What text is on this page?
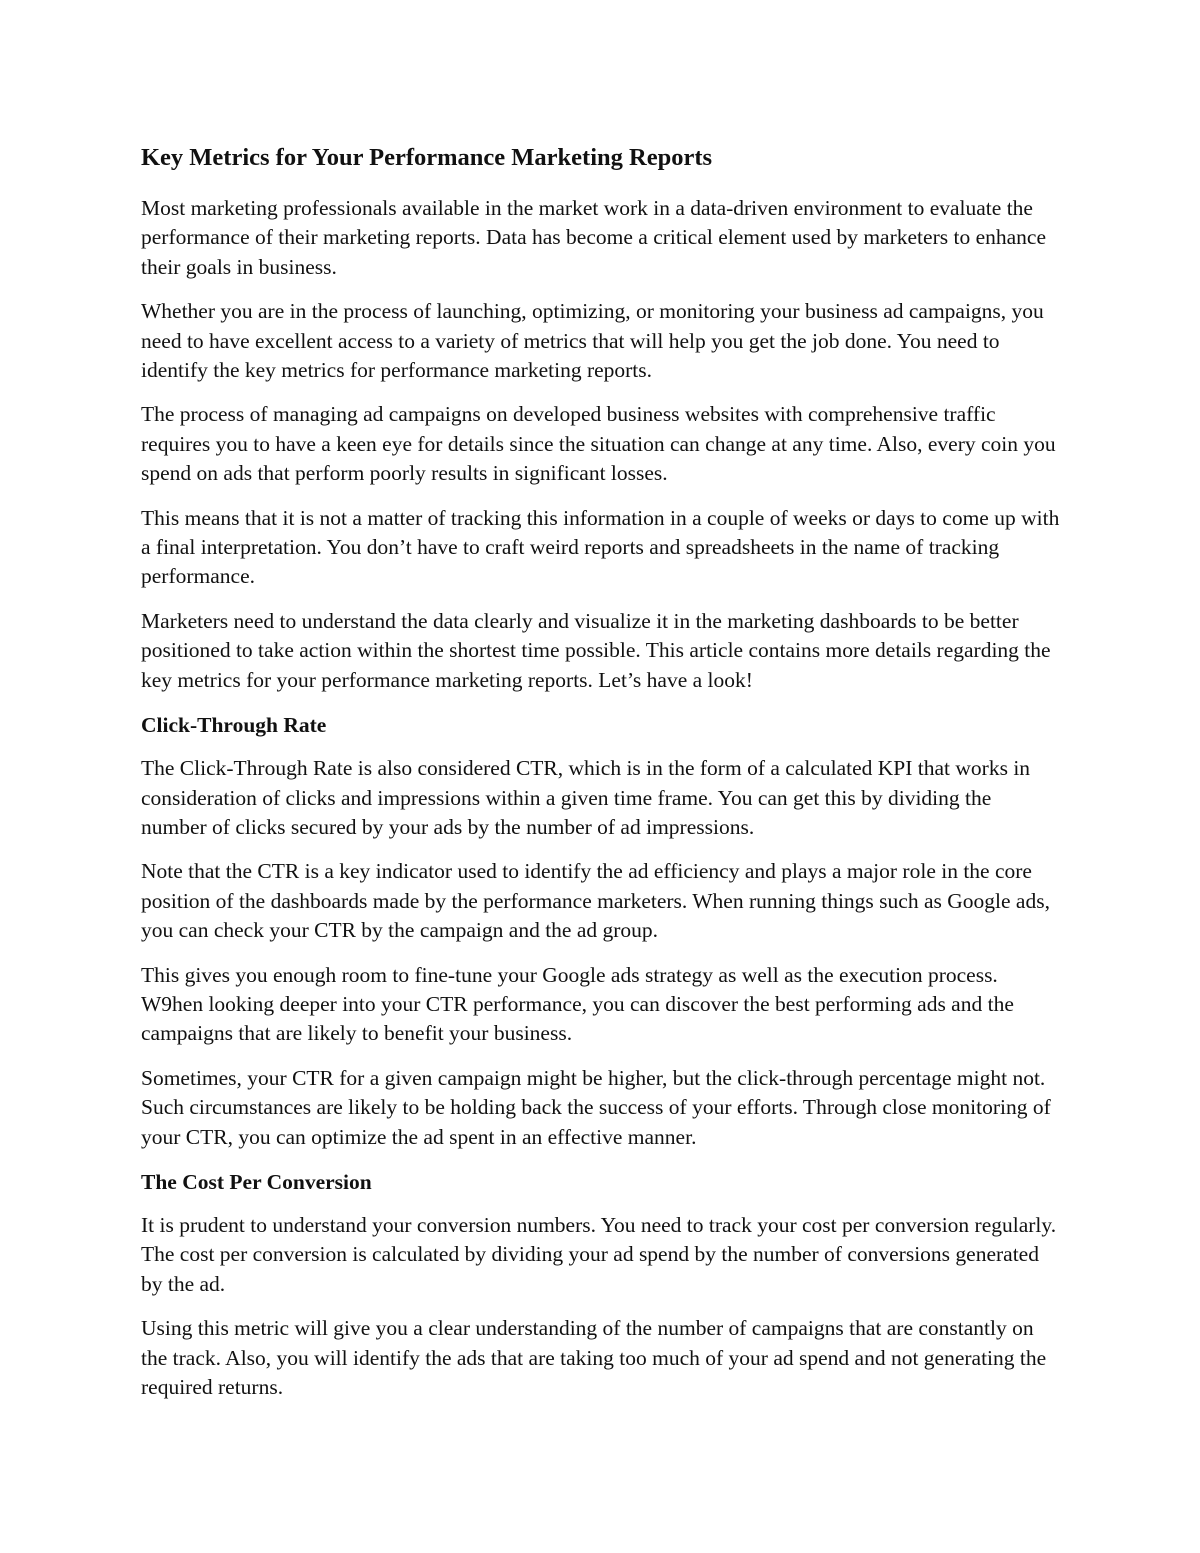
Key Metrics for Your Performance Marketing Reports

Most marketing professionals available in the market work in a data-driven environment to evaluate the performance of their marketing reports. Data has become a critical element used by marketers to enhance their goals in business.

Whether you are in the process of launching, optimizing, or monitoring your business ad campaigns, you need to have excellent access to a variety of metrics that will help you get the job done. You need to identify the key metrics for performance marketing reports.

The process of managing ad campaigns on developed business websites with comprehensive traffic requires you to have a keen eye for details since the situation can change at any time. Also, every coin you spend on ads that perform poorly results in significant losses.

This means that it is not a matter of tracking this information in a couple of weeks or days to come up with a final interpretation. You don’t have to craft weird reports and spreadsheets in the name of tracking performance.

Marketers need to understand the data clearly and visualize it in the marketing dashboards to be better positioned to take action within the shortest time possible. This article contains more details regarding the key metrics for your performance marketing reports. Let’s have a look!

Click-Through Rate

The Click-Through Rate is also considered CTR, which is in the form of a calculated KPI that works in consideration of clicks and impressions within a given time frame. You can get this by dividing the number of clicks secured by your ads by the number of ad impressions.

Note that the CTR is a key indicator used to identify the ad efficiency and plays a major role in the core position of the dashboards made by the performance marketers. When running things such as Google ads, you can check your CTR by the campaign and the ad group.

This gives you enough room to fine-tune your Google ads strategy as well as the execution process. W9hen looking deeper into your CTR performance, you can discover the best performing ads and the campaigns that are likely to benefit your business.

Sometimes, your CTR for a given campaign might be higher, but the click-through percentage might not. Such circumstances are likely to be holding back the success of your efforts. Through close monitoring of your CTR, you can optimize the ad spent in an effective manner.

The Cost Per Conversion

It is prudent to understand your conversion numbers. You need to track your cost per conversion regularly. The cost per conversion is calculated by dividing your ad spend by the number of conversions generated by the ad.

Using this metric will give you a clear understanding of the number of campaigns that are constantly on the track. Also, you will identify the ads that are taking too much of your ad spend and not generating the required returns.
